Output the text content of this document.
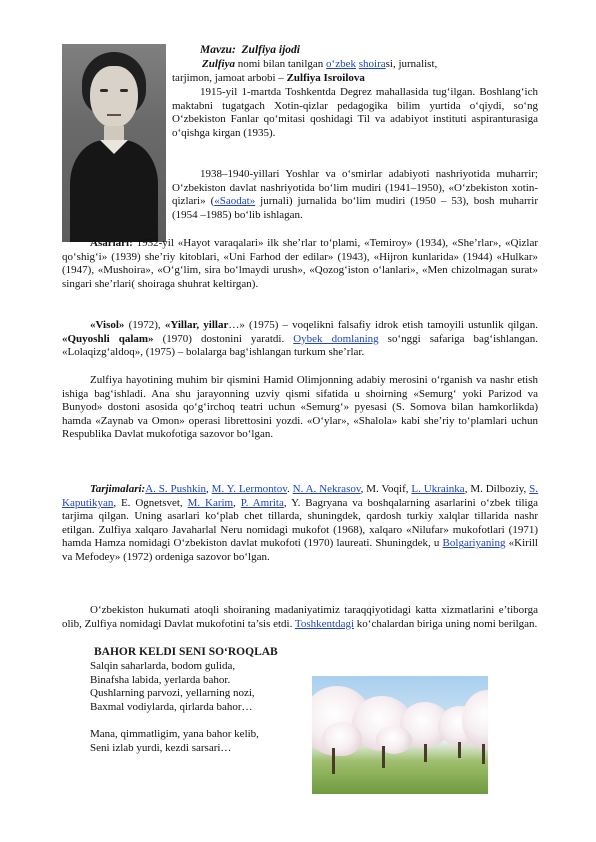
Mavzu: Zulfiya ijodi
Zulfiya nomi bilan tanilgan o‘zbek shoirasi, jurnalist,
tarjimon, jamoat arbobi – Zulfiya Isroilova
1915-yil 1-martda Toshkentda Degrez mahallasida tug‘ilgan. Boshlang‘ich maktabni tugatgach Xotin-qizlar pedagogika bilim yurtida o‘qiydi, so‘ng O‘zbekiston Fanlar qo‘mitasi qoshidagi Til va adabiyot instituti aspiranturasiga o‘qishga kirgan (1935).
1938–1940-yillari Yoshlar va o‘smirlar adabiyoti nashriyotida muharrir; O‘zbekiston davlat nashriyotida bo‘lim mudiri (1941–1950), «O‘zbekiston xotin-qizlari» («Saodat» jurnali) jurnalida bo‘lim mudiri (1950 – 53), bosh muharrir (1954 –1985) bo‘lib ishlagan.
Asarlari: 1932-yil «Hayot varaqalari» ilk she’rlar to‘plami, «Temiroy» (1934), «She’rlar», «Qizlar qo‘shig‘i» (1939) she’riy kitoblari, «Uni Farhod der edilar» (1943), «Hijron kunlarida» (1944) «Hulkar» (1947), «Mushoira», «O‘g‘lim, sira bo‘lmaydi urush», «Qozog‘iston o‘lanlari», «Men chizolmagan surat» singari she’rlari( shoiraga shuhrat keltirgan).
«Visol» (1972), «Yillar, yillar…» (1975) – voqelikni falsafiy idrok etish tamoyili ustunlik qilgan. «Quyoshli qalam» (1970) dostonini yaratdi. Oybek domlaning so‘nggi safariga bag‘ishlangan. «Lolaqizg‘aldoq», (1975) – bolalarga bag‘ishlangan turkum she’rlar.
Zulfiya hayotining muhim bir qismini Hamid Olimjonning adabiy merosini o‘rganish va nashr etish ishiga bag‘ishladi. Ana shu jarayonning uzviy qismi sifatida u shoirning «Semurg‘ yoki Parizod va Bunyod» dostoni asosida qo‘g‘irchoq teatri uchun «Semurg‘» pyesasi (S. Somova bilan hamkorlikda) hamda «Zaynab va Omon» operasi librettosini yozdi. «O‘ylar», «Shalola» kabi she’riy to‘plamlari uchun Respublika Davlat mukofotiga sazovor bo‘lgan.
Tarjimalari:A. S. Pushkin, M. Y. Lermontov. N. A. Nekrasov, M. Voqif, L. Ukrainka, M. Dilboziy, S. Kaputikyan, E. Ognetsvet, M. Karim, P. Amrita, Y. Bagryana va boshqalarning asarlarini o‘zbek tiliga tarjima qilgan. Uning asarlari ko‘plab chet tillarda, shuningdek, qardosh turkiy xalqlar tillarida nashr etilgan. Zulfiya xalqaro Javaharlal Neru nomidagi mukofot (1968), xalqaro «Nilufar» mukofotlari (1971) hamda Hamza nomidagi O‘zbekiston davlat mukofoti (1970) laureati. Shuningdek, u Bolgariyaning «Kirill va Mefodey» (1972) ordeniga sazovor bo‘lgan.
O‘zbekiston hukumati atoqli shoiraning madaniyatimiz taraqqiyotidagi katta xizmatlarini e’tiborga olib, Zulfiya nomidagi Davlat mukofotini ta’sis etdi. Toshkentdagi ko‘chalardan biriga uning nomi berilgan.
BAHOR KELDI SENI SO‘ROQLAB
Salqin saharlarda, bodom gulida,
Binafsha labida, yerlarda bahor.
Qushlarning parvozi, yellarning nozi,
Baxmal vodiylarda, qirlarda bahor…
Mana, qimmatligim, yana bahor kelib,
Seni izlab yurdi, kezdi sarsari…
